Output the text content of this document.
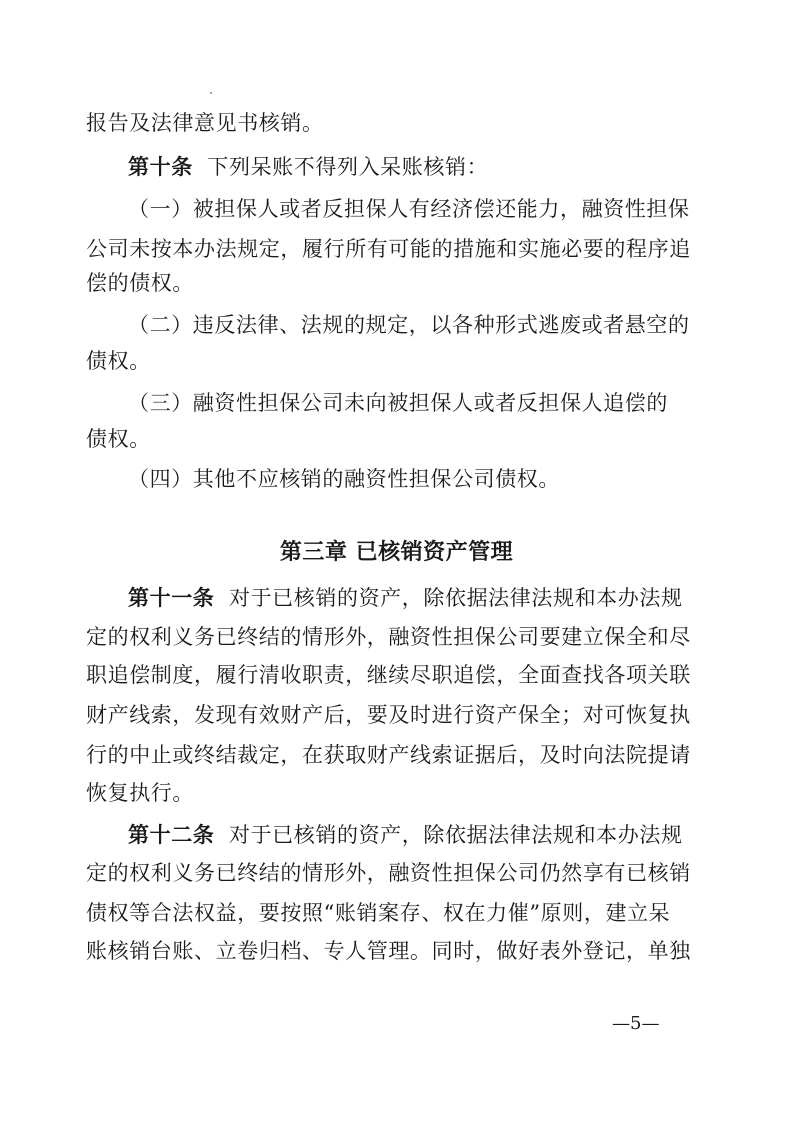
报告及法律意见书核销。
第十条 下列呆账不得列入呆账核销：
（一）被担保人或者反担保人有经济偿还能力，融资性担保
公司未按本办法规定，履行所有可能的措施和实施必要的程序追
偿的债权。
（二）违反法律、法规的规定，以各种形式逃废或者悬空的
债权。
（三）融资性担保公司未向被担保人或者反担保人追偿的
债权。
（四）其他不应核销的融资性担保公司债权。
第三章 已核销资产管理
第十一条 对于已核销的资产，除依据法律法规和本办法规
定的权利义务已终结的情形外，融资性担保公司要建立保全和尽
职追偿制度，履行清收职责，继续尽职追偿，全面查找各项关联
财产线索，发现有效财产后，要及时进行资产保全；对可恢复执
行的中止或终结裁定，在获取财产线索证据后，及时向法院提请
恢复执行。
第十二条 对于已核销的资产，除依据法律法规和本办法规
定的权利义务已终结的情形外，融资性担保公司仍然享有已核销
债权等合法权益，要按照“账销案存、权在力催”原则，建立呆
账核销台账、立卷归档、专人管理。同时，做好表外登记，单独
—5—
